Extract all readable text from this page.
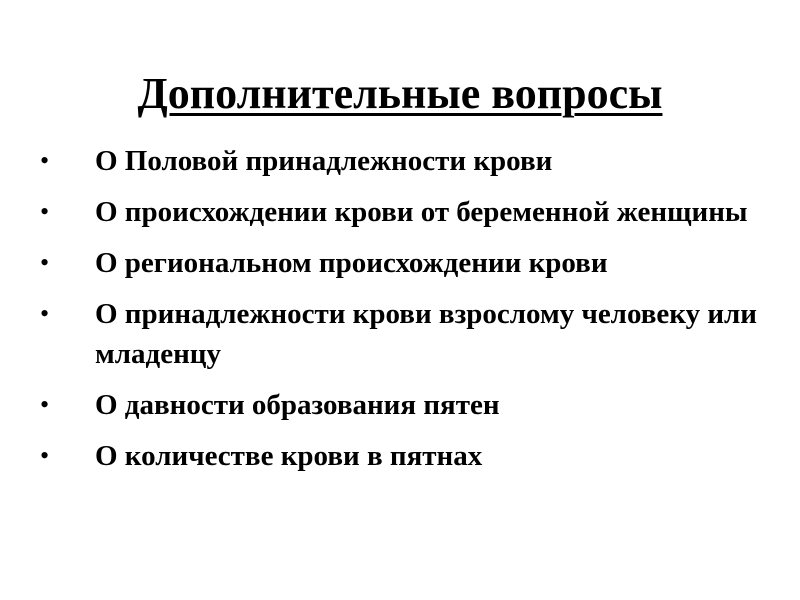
Дополнительные вопросы
• О Половой принадлежности крови
• О происхождении крови от беременной женщины
• О региональном происхождении крови
• О принадлежности крови взрослому человеку или младенцу
• О давности образования пятен
• О количестве крови в пятнах
